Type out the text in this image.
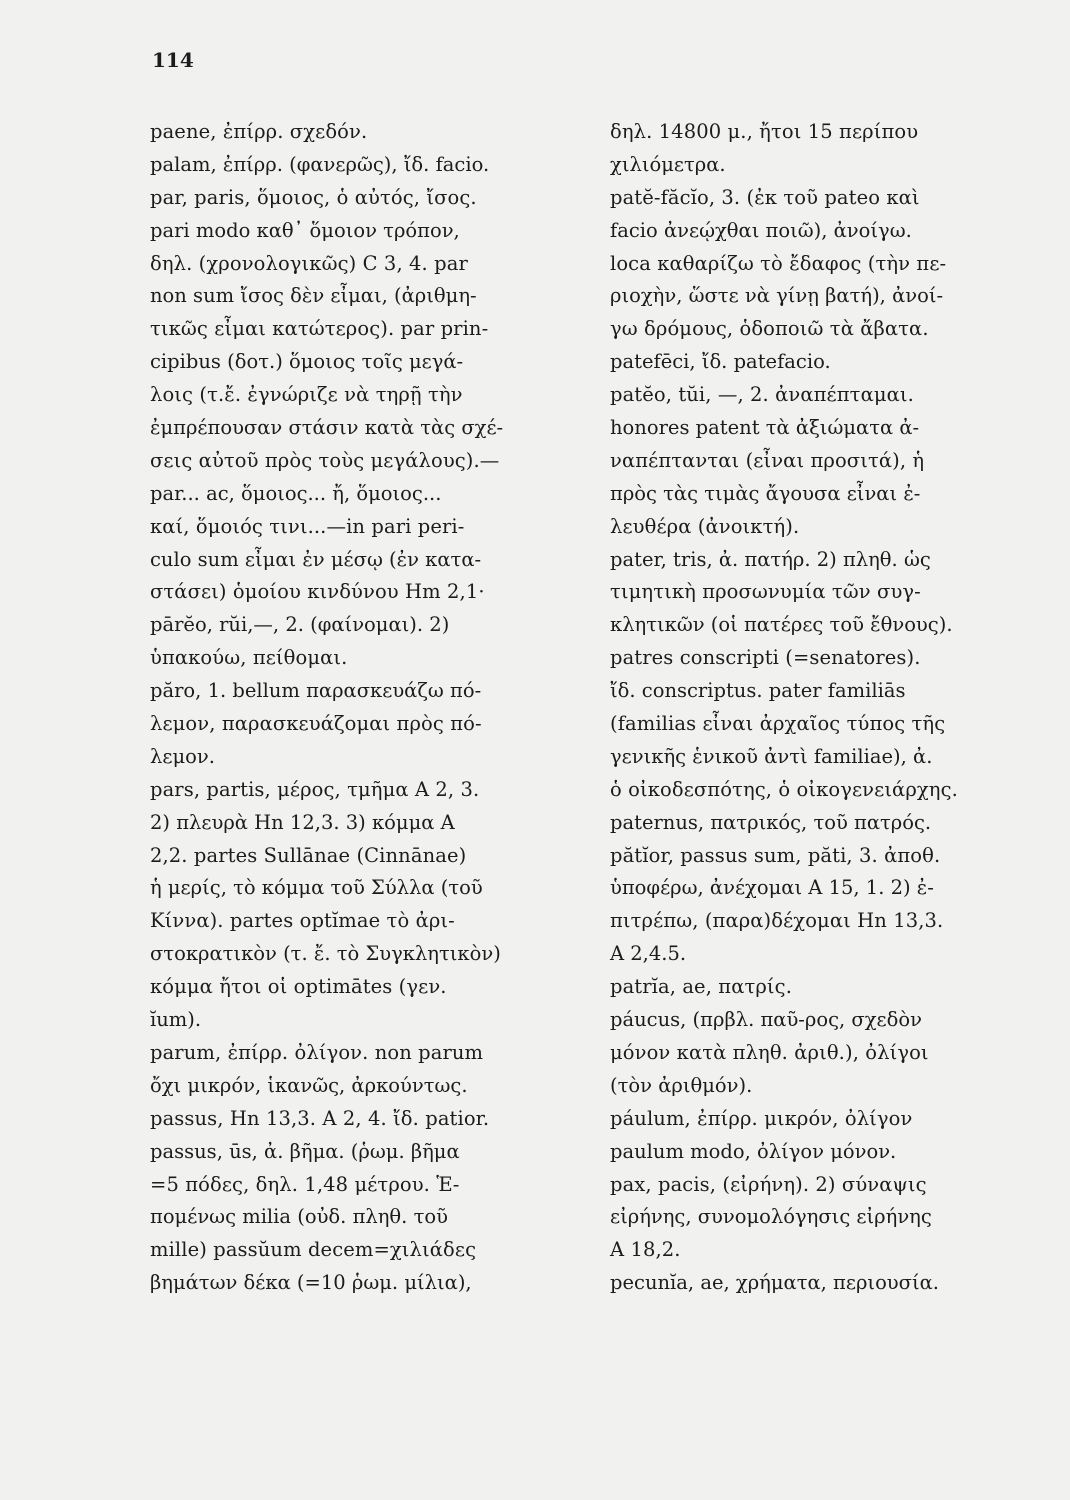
114
paene, ἐπίρρ. σχεδόν.
palam, ἐπίρρ. (φανερῶς), ἴδ. facio.
par, paris, ὅμοιος, ὁ αὐτός, ἴσος.
pari modo καθ᾽ ὅμοιον τρόπον,
δηλ. (χρονολογικῶς) C 3, 4. par
non sum ἴσος δὲν εἶμαι, (ἀριθμη-
τικῶς εἶμαι κατώτερος). par prin-
cipibus (δοτ.) ὅμοιος τοῖς μεγά-
λοις (τ.ἔ. ἐγνώριζε νὰ τηρῇ τὴν
ἐμπρέπουσαν στάσιν κατὰ τὰς σχέ-
σεις αὐτοῦ πρὸς τοὺς μεγάλους).—
par... ac, ὅμοιος... ἤ, ὅμοιος...
καί, ὅμοιός τινι...—in pari peri-
culo sum εἶμαι ἐν μέσῳ (ἐν κατα-
στάσει) ὁμοίου κινδύνου Hm 2,1·
pārĕo, rŭi,—, 2. (φαίνομαι). 2)
ὑπακούω, πείθομαι.
păro, 1. bellum παρασκευάζω πό-
λεμον, παρασκευάζομαι πρὸς πό-
λεμον.
pars, partis, μέρος, τμῆμα A 2, 3.
2) πλευρὰ Hn 12,3. 3) κόμμα A
2,2. partes Sullānae (Cinnānae)
ἡ μερίς, τὸ κόμμα τοῦ Σύλλα (τοῦ
Κίννα). partes optĭmae τὸ ἀρι-
στοκρατικὸν (τ. ἔ. τὸ Συγκλητικὸν)
κόμμα ἤτοι οἱ optimātes (γεν.
ĭum).
parum, ἐπίρρ. ὀλίγον. non parum
ὄχι μικρόν, ἱκανῶς, ἀρκούντως.
passus, Hn 13,3. A 2, 4. ἴδ. patior.
passus, ūs, ἀ. βῆμα. (ῥωμ. βῆμα
=5 πόδες, δηλ. 1,48 μέτρου. Ἑ-
πομένως milia (οὐδ. πληθ. τοῦ
mille) passŭum decem=χιλιάδες
βημάτων δέκα (=10 ῥωμ. μίλια),
δηλ. 14800 μ., ἤτοι 15 περίπου
χιλιόμετρα.
patĕ-făcĭo, 3. (ἐκ τοῦ pateo καὶ
facio ἀνεῴχθαι ποιῶ), ἀνοίγω.
loca καθαρίζω τὸ ἔδαφος (τὴν πε-
ριοχὴν, ὥστε νὰ γίνῃ βατή), ἀνοί-
γω δρόμους, ὁδοποιῶ τὰ ἄβατα.
patefēci, ἴδ. patefacio.
patĕo, tŭi, —, 2. ἀναπέπταμαι.
honores patent τὰ ἀξιώματα ἀ-
ναπέπτανται (εἶναι προσιτά), ἡ
πρὸς τὰς τιμὰς ἄγουσα εἶναι ἐ-
λευθέρα (ἀνοικτή).
pater, tris, ἀ. πατήρ. 2) πληθ. ὡς
τιμητικὴ προσωνυμία τῶν συγ-
κλητικῶν (οἱ πατέρες τοῦ ἔθνους).
patres conscripti (=senatores).
ἴδ. conscriptus. pater familiās
(familias εἶναι ἀρχαῖος τύπος τῆς
γενικῆς ἑνικοῦ ἀντὶ familiae), ἀ.
ὁ οἰκοδεσπότης, ὁ οἰκογενειάρχης.
paternus, πατρικός, τοῦ πατρός.
pătĭor, passus sum, păti, 3. ἀποθ.
ὑποφέρω, ἀνέχομαι A 15, 1. 2) ἐ-
πιτρέπω, (παρα)δέχομαι Hn 13,3.
A 2,4.5.
patrĭa, ae, πατρίς.
páucus, (πρβλ. παῦ-ρος, σχεδὸν
μόνον κατὰ πληθ. ἀριθ.), ὀλίγοι
(τὸν ἀριθμόν).
páulum, ἐπίρρ. μικρόν, ὀλίγον
paulum modo, ὀλίγον μόνον.
pax, pacis, (εἰρήνη). 2) σύναψις
εἰρήνης, συνομολόγησις εἰρήνης
A 18,2.
pecunĭa, ae, χρήματα, περιουσία.
